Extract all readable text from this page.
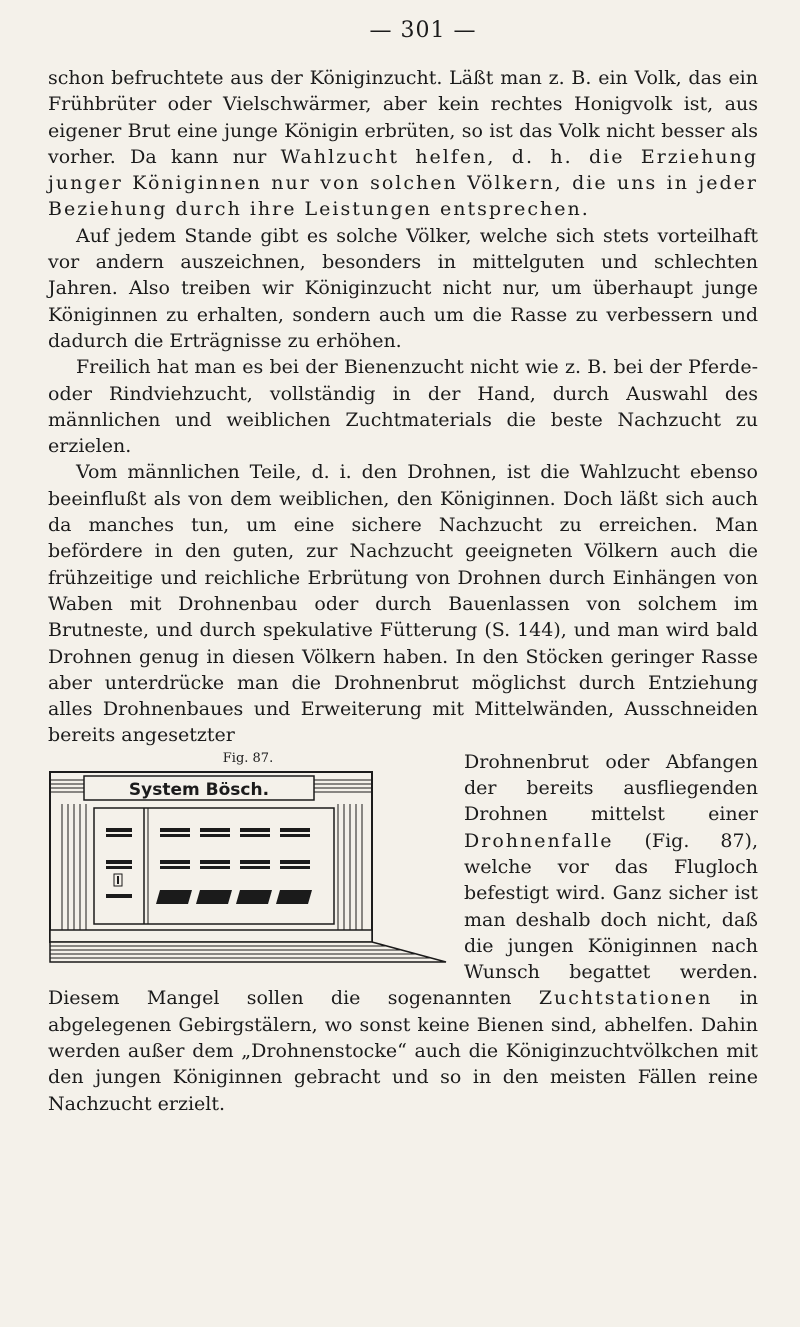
— 301 —

schon befruchtete aus der Königinzucht. Läßt man z. B. ein Volk, das ein Frühbrüter oder Vielschwärmer, aber kein rechtes Honigvolk ist, aus eigener Brut eine junge Königin erbrüten, so ist das Volk nicht besser als vorher. Da kann nur Wahlzucht helfen, d. h. die Erziehung junger Königinnen nur von solchen Völkern, die uns in jeder Beziehung durch ihre Leistungen entsprechen.

Auf jedem Stande gibt es solche Völker, welche sich stets vorteilhaft vor andern auszeichnen, besonders in mittelguten und schlechten Jahren. Also treiben wir Königinzucht nicht nur, um überhaupt junge Königinnen zu erhalten, sondern auch um die Rasse zu verbessern und dadurch die Erträgnisse zu erhöhen.

Freilich hat man es bei der Bienenzucht nicht wie z. B. bei der Pferde- oder Rindviehzucht, vollständig in der Hand, durch Auswahl des männlichen und weiblichen Zuchtmaterials die beste Nachzucht zu erzielen.

Vom männlichen Teile, d. i. den Drohnen, ist die Wahlzucht ebenso beeinflußt als von dem weiblichen, den Königinnen. Doch läßt sich auch da manches tun, um eine sichere Nachzucht zu erreichen. Man befördere in den guten, zur Nachzucht geeigneten Völkern auch die frühzeitige und reichliche Erbrütung von Drohnen durch Einhängen von Waben mit Drohnenbau oder durch Bauenlassen von solchem im Brutneste, und durch spekulative Fütterung (S. 144), und man wird bald Drohnen genug in diesen Völkern haben. In den Stöcken geringer Rasse aber unterdrücke man die Drohnenbrut möglichst durch Entziehung alles Drohnenbaues und Erweiterung mit Mittelwänden, Ausschneiden bereits angesetzter

Fig. 87.
System Bösch.

Drohnenbrut oder Abfangen der bereits ausfliegenden Drohnen mittelst einer Drohnenfalle (Fig. 87), welche vor das Flugloch befestigt wird. Ganz sicher ist man deshalb doch nicht, daß die jungen Königinnen nach Wunsch begattet werden. Diesem Mangel sollen die sogenannten Zuchtstationen in abgelegenen Gebirgstälern, wo sonst keine Bienen sind, abhelfen. Dahin werden außer dem „Drohnenstocke“ auch die Königinzuchtvölkchen mit den jungen Königinnen gebracht und so in den meisten Fällen reine Nachzucht erzielt.
